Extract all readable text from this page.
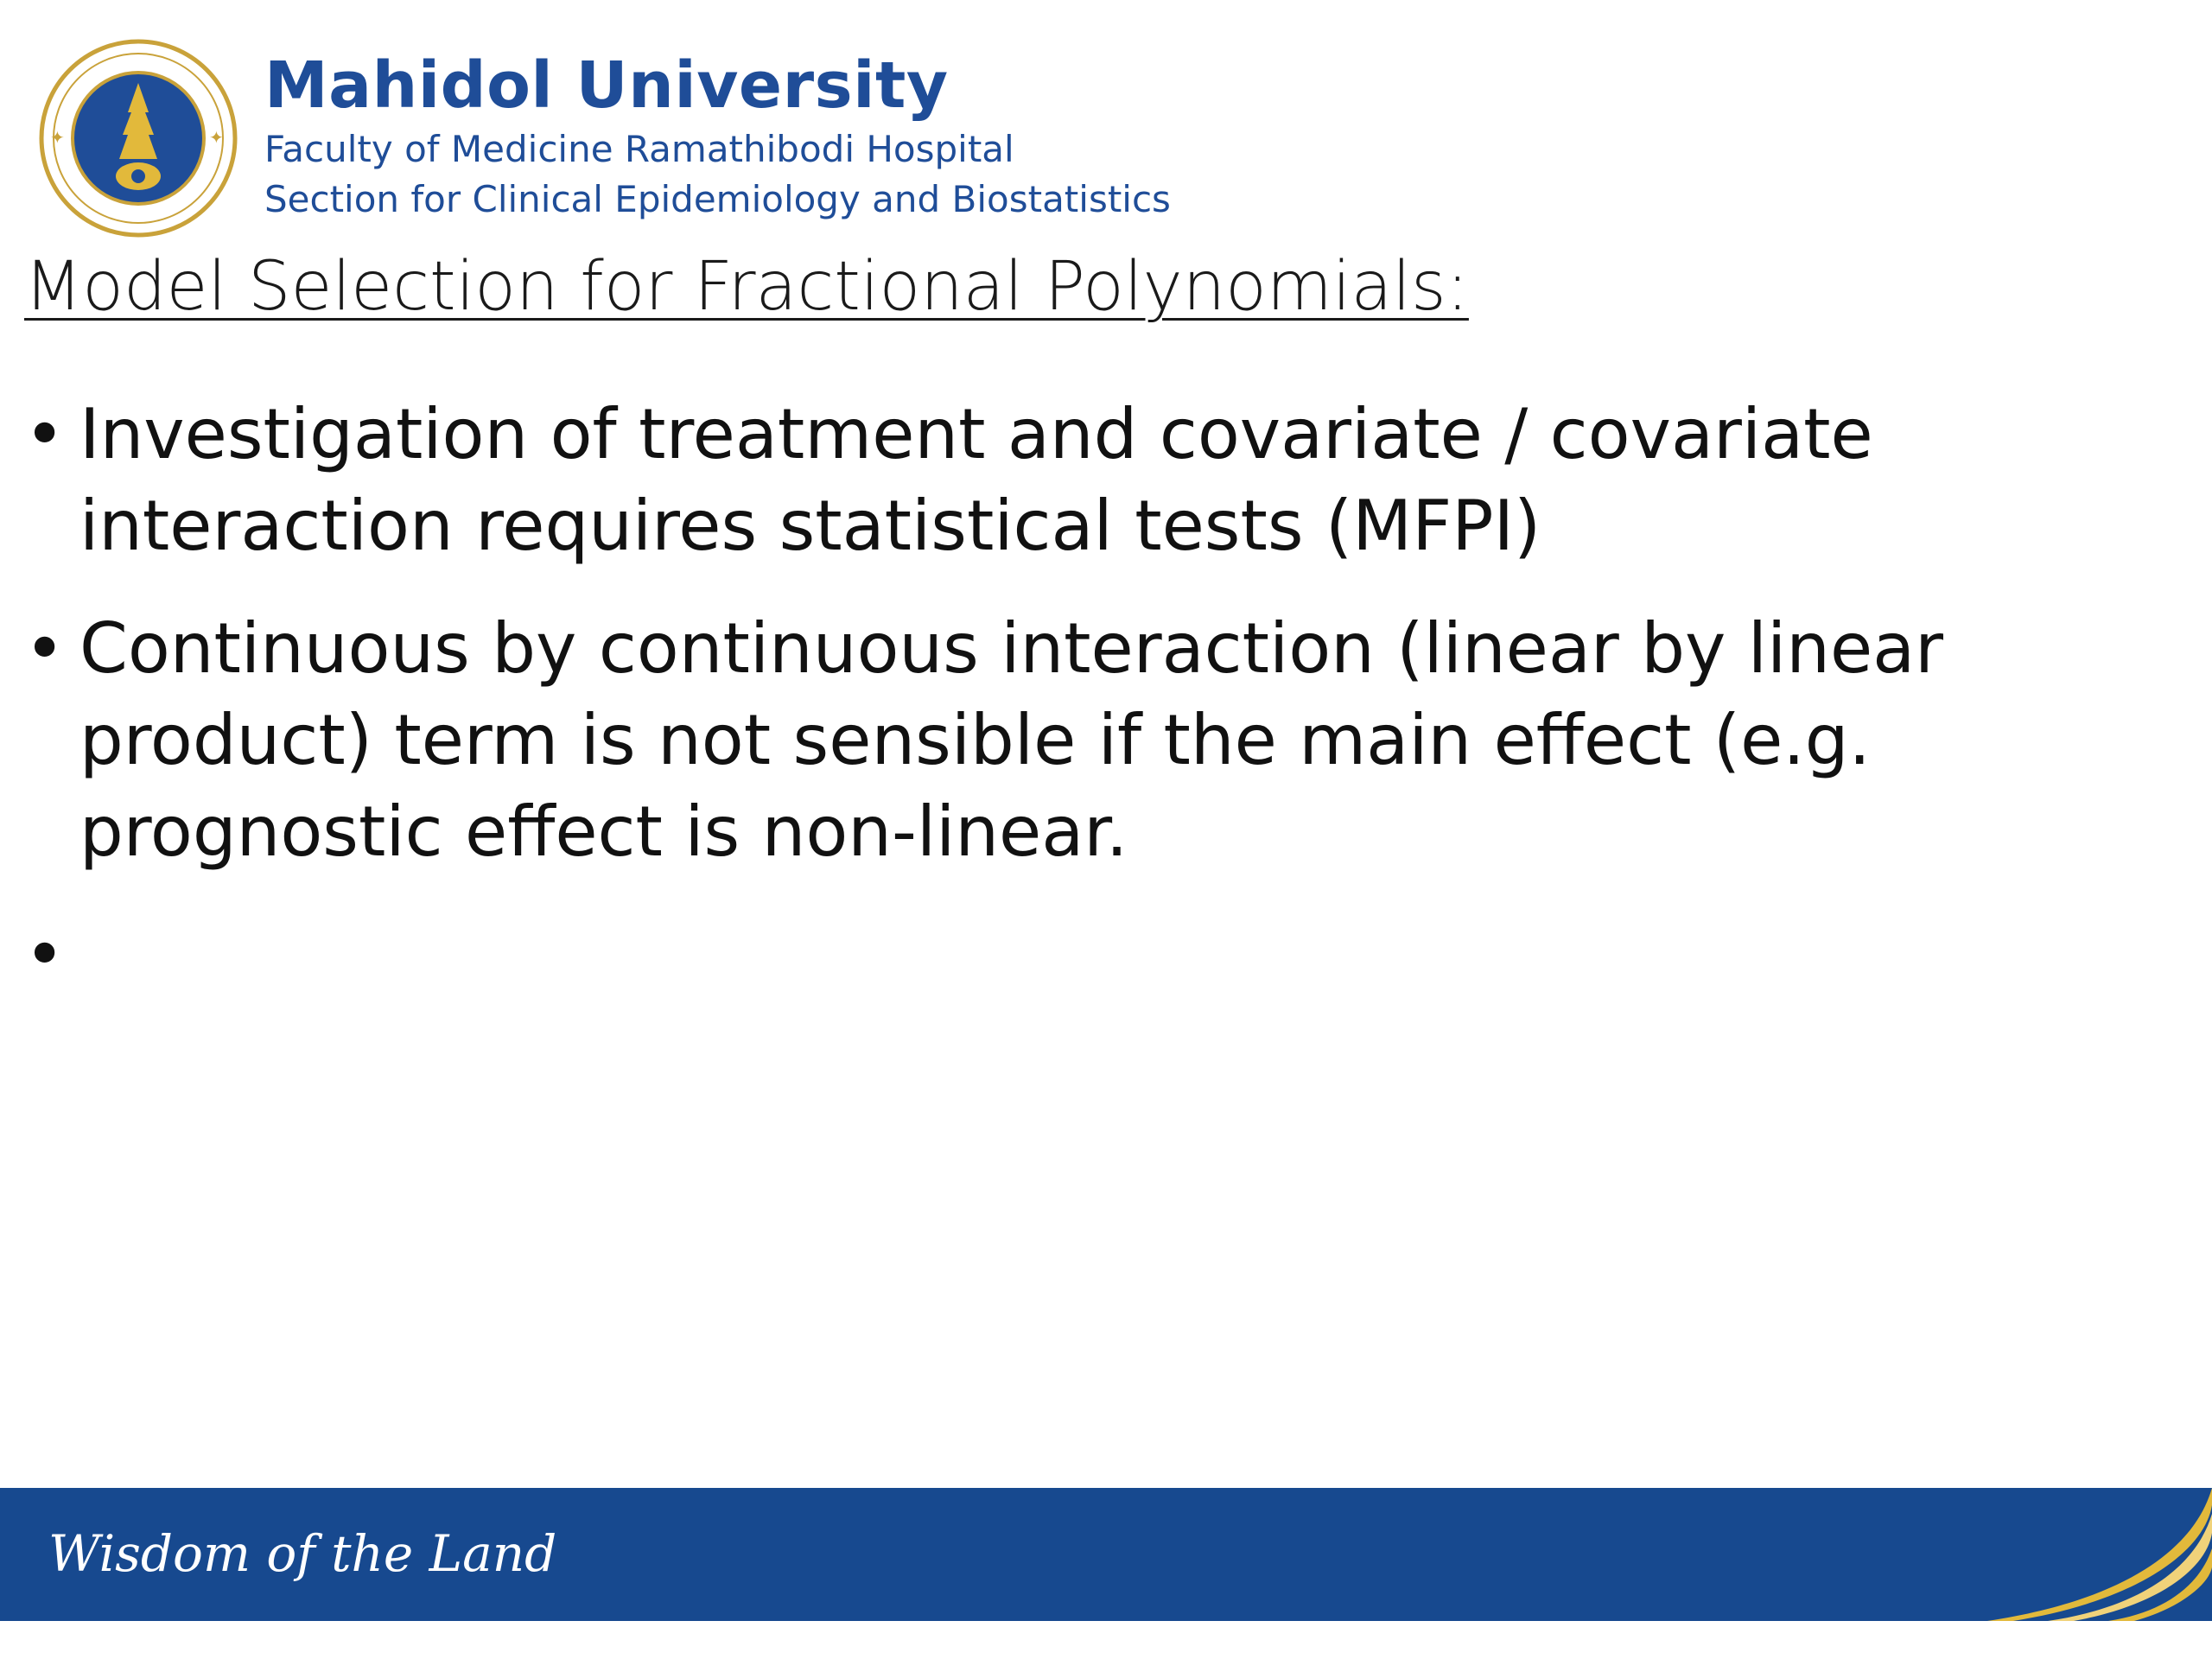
✦	✦
Mahidol University
Faculty of Medicine Ramathibodi Hospital
Section for Clinical Epidemiology and Biostatistics
Model Selection for Fractional Polynomials:
• Investigation of treatment and covariate / covariate
interaction requires statistical tests (MFPI)
• Continuous by continuous interaction (linear by linear
product) term is not sensible if the main effect (e.g.
prognostic effect is non-linear.
•
Wisdom of the Land
